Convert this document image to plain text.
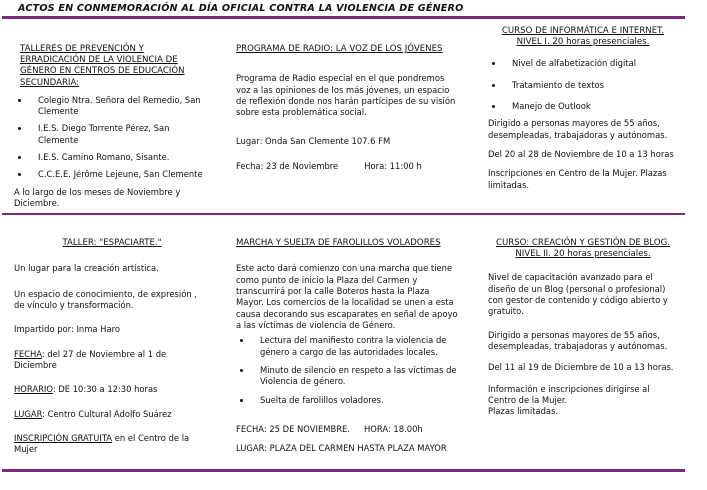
ACTOS EN CONMEMORACIÓN AL DÍA OFICIAL CONTRA LA VIOLENCIA DE GÉNERO
TALLERES DE PREVENCIÓN Y ERRADICACIÓN DE LA VIOLENCIA DE GÉNERO EN CENTROS DE EDUCACIÓN SECUNDARIA:
• Colegio Ntra. Señora del Remedio, San Clemente
• I.E.S. Diego Torrente Pérez, San Clemente
• I.E.S. Camino Romano, Sisante.
• C.C.E.E. Jérôme Lejeune, San Clemente

A lo largo de los meses de Noviembre y Diciembre.

PROGRAMA DE RADIO: LA VOZ DE LOS JÓVENES

Programa de Radio especial en el que pondremos voz a las opiniones de los más jóvenes, un espacio de reflexión donde nos harán partícipes de su visión sobre esta problemática social.

Lugar: Onda San Clemente 107.6 FM

Fecha: 23 de Noviembre	Hora: 11:00 h
CURSO DE INFORMÁTICA E INTERNET. NIVEL I. 20 horas presenciales.
• Nivel de alfabetización digital
• Tratamiento de textos
• Manejo de Outlook

Dirigido a personas mayores de 55 años, desempleadas, trabajadoras y autónomas.

Del 20 al 28 de Noviembre de 10 a 13 horas

Inscripciones en Centro de la Mujer. Plazas limitadas.

TALLER: "ESPACIARTE."

Un lugar para la creación artística.

Un espacio de conocimiento, de expresión , de vínculo y transformación.

Impartido por: Inma Haro

FECHA: del 27 de Noviembre al 1 de Diciembre

HORARIO: DE 10:30 a 12:30 horas

LUGAR: Centro Cultural Adolfo Suárez

INSCRIPCIÓN GRATUITA en el Centro de la Mujer

MARCHA Y SUELTA DE FAROLILLOS VOLADORES

Este acto dará comienzo con una marcha que tiene como punto de inicio la Plaza del Carmen y transcurrirá por la calle Boteros hasta la Plaza Mayor. Los comercios de la localidad se unen a esta causa decorando sus escaparates en señal de apoyo a las víctimas de violencia de Género.

• Lectura del manifiesto contra la violencia de género a cargo de las autoridades locales.
• Minuto de silencio en respeto a las víctimas de Violencia de género.
• Suelta de farolillos voladores.
FECHA: 25 DE NOVIEMBRE. HORA: 18.00h

LUGAR: PLAZA DEL CARMEN HASTA PLAZA MAYOR

CURSO: CREACIÓN Y GESTIÓN DE BLOG. NIVEL II. 20 horas presenciales.

Nivel de capacitación avanzado para el diseño de un Blog (personal o profesional) con gestor de contenido y código abierto y gratuito.

Dirigido a personas mayores de 55 años, desempleadas, trabajadoras y autónomas.

Del 11 al 19 de Diciembre de 10 a 13 horas.

Información e inscripciones dirigirse al Centro de la Mujer.

Plazas limitadas.
